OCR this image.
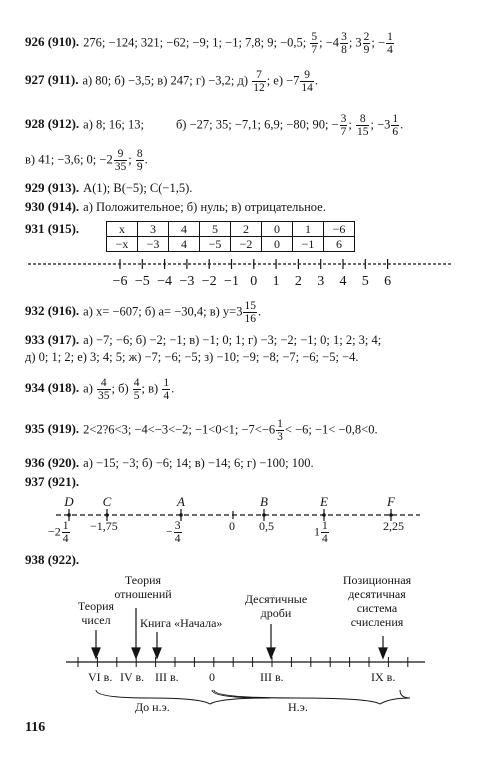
926 (910). 276; −124; 321; −62; −9; 1; −1; 7,8; 9; −0,5; $\frac{5}{7}$ ; $-4 \frac{3}{8}$ ; $3 \frac{2}{9}$ ; − $\frac{1}{4}$
927 (911). а) 80; б) −3,5; в) 247; г) −3,2; $д) \frac{7}{12}$ ; $е) -7 \frac{9}{14}$ .
928 (912). а) 8; 16; 13;	б) −27; 35; −7,1; 6,9; −80; 90; − $\frac{3}{7}$ ; $\frac{8}{15}$ ; $-3 \frac{1}{6}$ .
в) 41; −3,6; 0; $-2 \frac{9}{35}$ ; $\frac{8}{9}$ .
929 (913). A(1); B(−5); C(−1,5).
930 (914). а) Положительное; б) нуль; в) отрицательное.
931 (915).	x	3	4	5	2	0	1	−6
−x	−3	4	−5	−2	0	−1	6
−6 −5 −4 −3 −2 −1 0 1 2 3 4 5 6
D C	A	B	E	F
932 (916). а) x= −607; б) a= −30,4; в) $y=3 \frac{15}{16}$ .
933 (917). а) −7; −6; б) −2; −1; в) −1; 0; 1; г) −3; −2; −1; 0; 1; 2; 3; 4;
д) 0; 1; 2; е) 3; 4; 5; ж) −7; −6; −5; з) −10; −9; −8; −7; −6; −5; −4.
934 (918). $а) \frac{4}{35}$ ; $б) \frac{4}{5}$ ; $в) \frac{1}{4}$ .
935 (919). 2<2?6<3; −4<−3<−2; −1<0<1; $-7<-6 \frac{1}{3} < -6$; −1< −0,8<0.
936 (920). а) −15; −3; б) −6; 14; в) −14; 6; г) −100; 100.
937 (921).
$-2 \frac{1}{4} -1,75$	− $\frac{3}{4}$	0 0,5	$1 \frac{1}{4}$	2,25
938 (922).
Теория
чисел
Теория
отношений
Книга «Начала»
Десятичные
дроби
Позиционная
десятичная
система
счисления
VI в. IV в. III в.	0	III в.	IX в.
До н.э.	Н.э.
116
